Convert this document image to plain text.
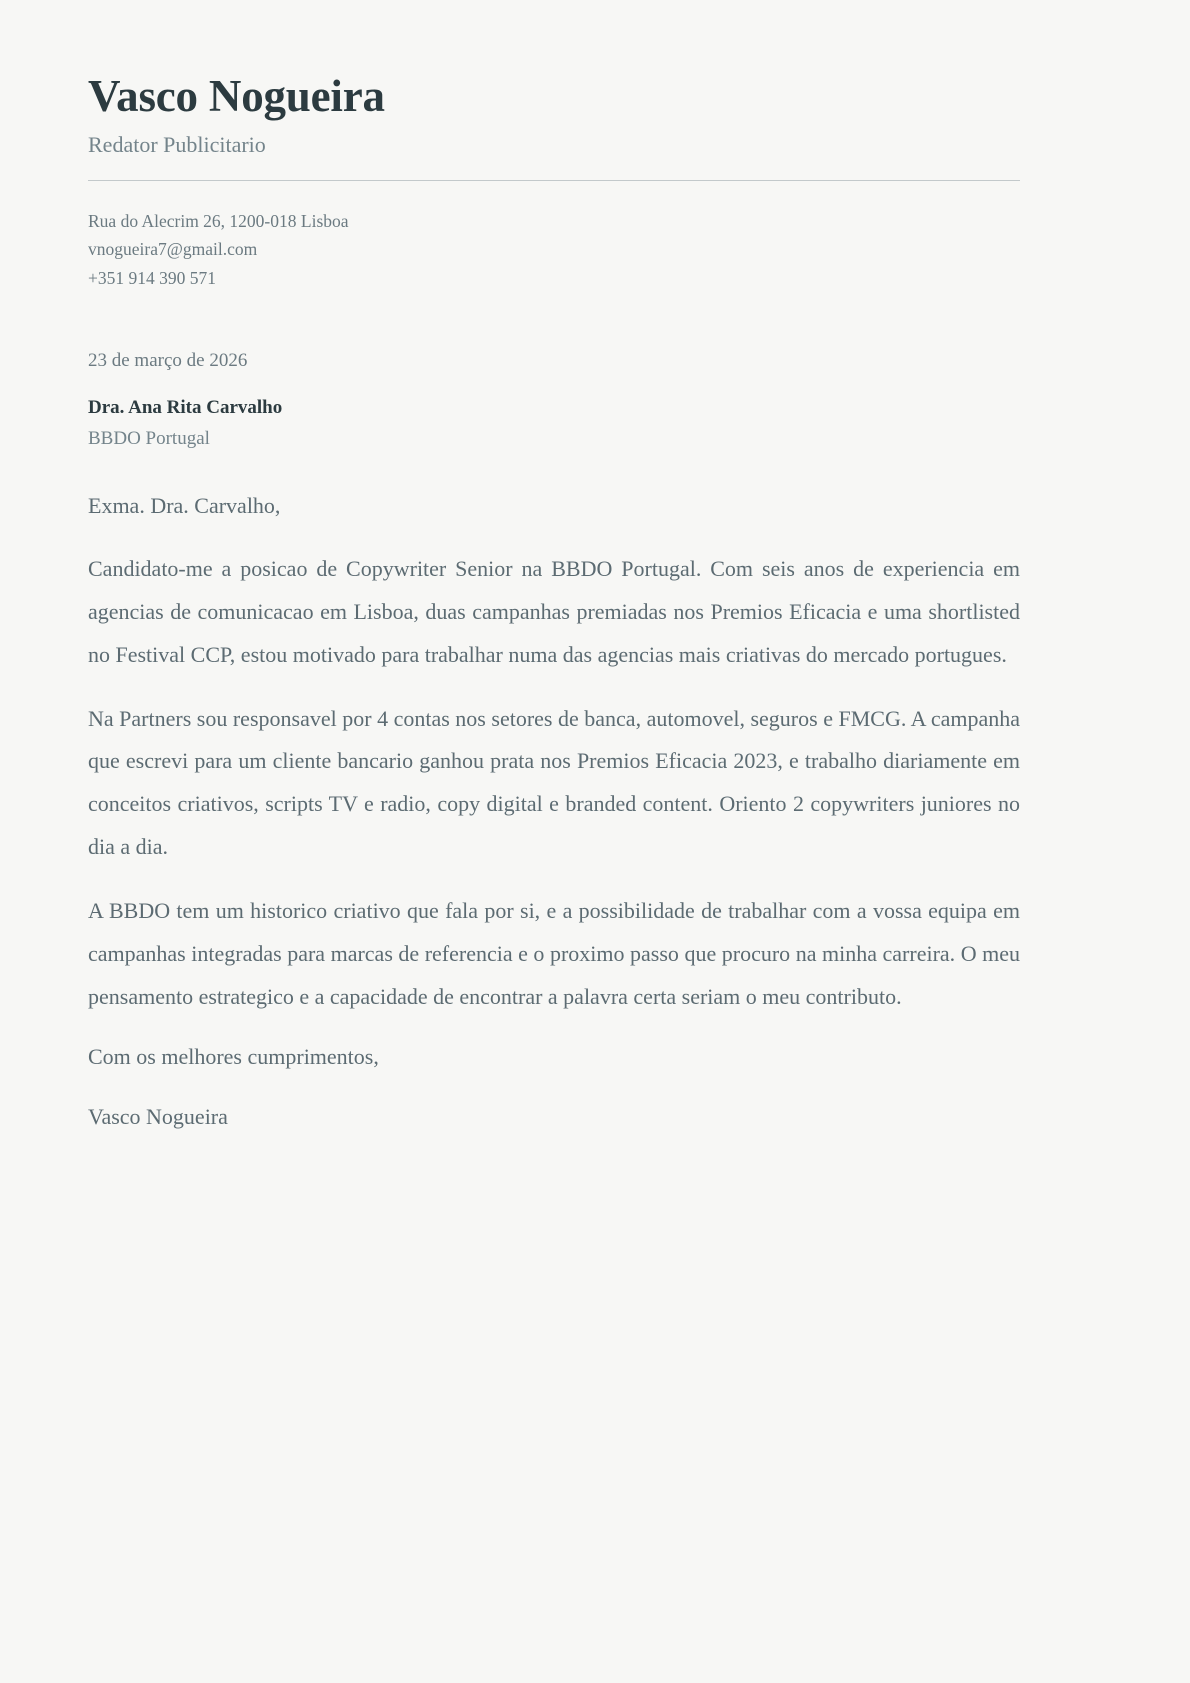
Vasco Nogueira
Redator Publicitario
Rua do Alecrim 26, 1200-018 Lisboa
vnogueira7@gmail.com
+351 914 390 571
23 de março de 2026
Dra. Ana Rita Carvalho
BBDO Portugal
Exma. Dra. Carvalho,

Candidato-me a posicao de Copywriter Senior na BBDO Portugal. Com seis anos de experiencia em agencias de comunicacao em Lisboa, duas campanhas premiadas nos Premios Eficacia e uma shortlisted no Festival CCP, estou motivado para trabalhar numa das agencias mais criativas do mercado portugues.

Na Partners sou responsavel por 4 contas nos setores de banca, automovel, seguros e FMCG. A campanha que escrevi para um cliente bancario ganhou prata nos Premios Eficacia 2023, e trabalho diariamente em conceitos criativos, scripts TV e radio, copy digital e branded content. Oriento 2 copywriters juniores no dia a dia.

A BBDO tem um historico criativo que fala por si, e a possibilidade de trabalhar com a vossa equipa em campanhas integradas para marcas de referencia e o proximo passo que procuro na minha carreira. O meu pensamento estrategico e a capacidade de encontrar a palavra certa seriam o meu contributo.

Com os melhores cumprimentos,
Vasco Nogueira
